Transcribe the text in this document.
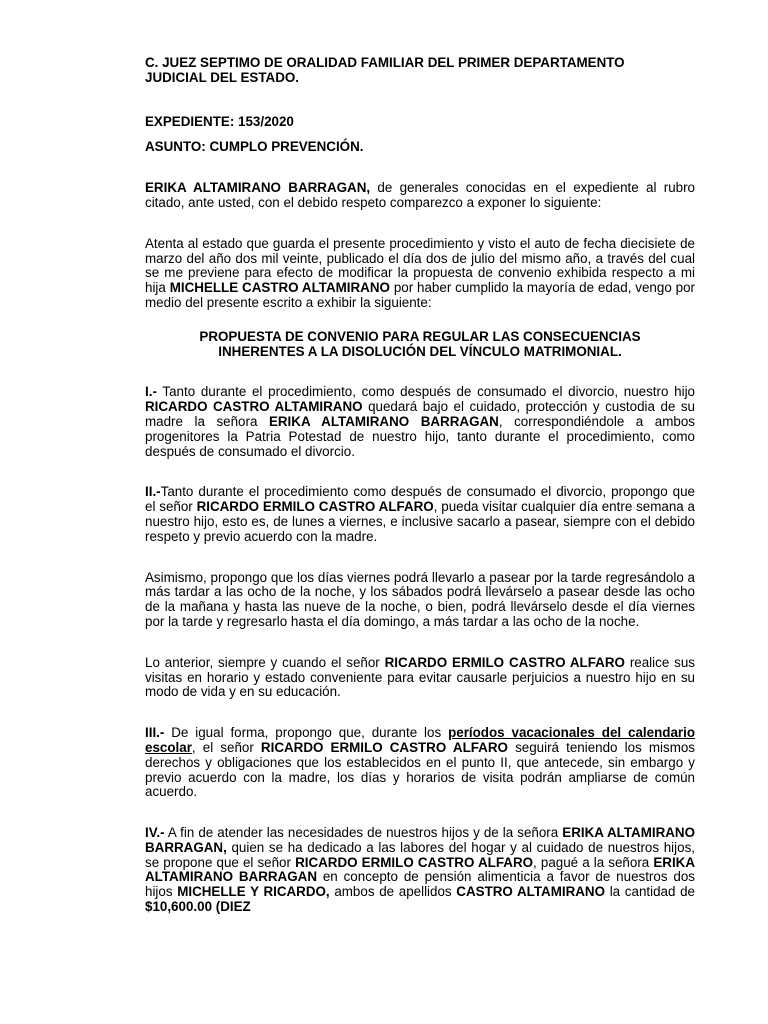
C. JUEZ SEPTIMO DE ORALIDAD FAMILIAR DEL PRIMER DEPARTAMENTO
JUDICIAL DEL ESTADO.

EXPEDIENTE: 153/2020

ASUNTO: CUMPLO PREVENCIÓN.

ERIKA ALTAMIRANO BARRAGAN, de generales conocidas en el expediente al rubro citado, ante usted, con el debido respeto comparezco a exponer lo siguiente:

Atenta al estado que guarda el presente procedimiento y visto el auto de fecha diecisiete de marzo del año dos mil veinte, publicado el día dos de julio del mismo año, a través del cual se me previene para efecto de modificar la propuesta de convenio exhibida respecto a mi hija MICHELLE CASTRO ALTAMIRANO por haber cumplido la mayoría de edad, vengo por medio del presente escrito a exhibir la siguiente:

PROPUESTA DE CONVENIO PARA REGULAR LAS CONSECUENCIAS
INHERENTES A LA DISOLUCIÓN DEL VÍNCULO MATRIMONIAL.

I.- Tanto durante el procedimiento, como después de consumado el divorcio, nuestro hijo RICARDO CASTRO ALTAMIRANO quedará bajo el cuidado, protección y custodia de su madre la señora ERIKA ALTAMIRANO BARRAGAN, correspondiéndole a ambos progenitores la Patria Potestad de nuestro hijo, tanto durante el procedimiento, como después de consumado el divorcio.

II.-Tanto durante el procedimiento como después de consumado el divorcio, propongo que el señor RICARDO ERMILO CASTRO ALFARO, pueda visitar cualquier día entre semana a nuestro hijo, esto es, de lunes a viernes, e inclusive sacarlo a pasear, siempre con el debido respeto y previo acuerdo con la madre.

Asimismo, propongo que los días viernes podrá llevarlo a pasear por la tarde regresándolo a más tardar a las ocho de la noche, y los sábados podrá llevárselo a pasear desde las ocho de la mañana y hasta las nueve de la noche, o bien, podrá llevárselo desde el día viernes por la tarde y regresarlo hasta el día domingo, a más tardar a las ocho de la noche.

Lo anterior, siempre y cuando el señor RICARDO ERMILO CASTRO ALFARO realice sus visitas en horario y estado conveniente para evitar causarle perjuicios a nuestro hijo en su modo de vida y en su educación.

III.- De igual forma, propongo que, durante los períodos vacacionales del calendario escolar, el señor RICARDO ERMILO CASTRO ALFARO seguirá teniendo los mismos derechos y obligaciones que los establecidos en el punto II, que antecede, sin embargo y previo acuerdo con la madre, los días y horarios de visita podrán ampliarse de común acuerdo.

IV.- A fin de atender las necesidades de nuestros hijos y de la señora ERIKA ALTAMIRANO BARRAGAN, quien se ha dedicado a las labores del hogar y al cuidado de nuestros hijos, se propone que el señor RICARDO ERMILO CASTRO ALFARO, pagué a la señora ERIKA ALTAMIRANO BARRAGAN en concepto de pensión alimenticia a favor de nuestros dos hijos MICHELLE Y RICARDO, ambos de apellidos CASTRO ALTAMIRANO la cantidad de $10,600.00 (DIEZ
